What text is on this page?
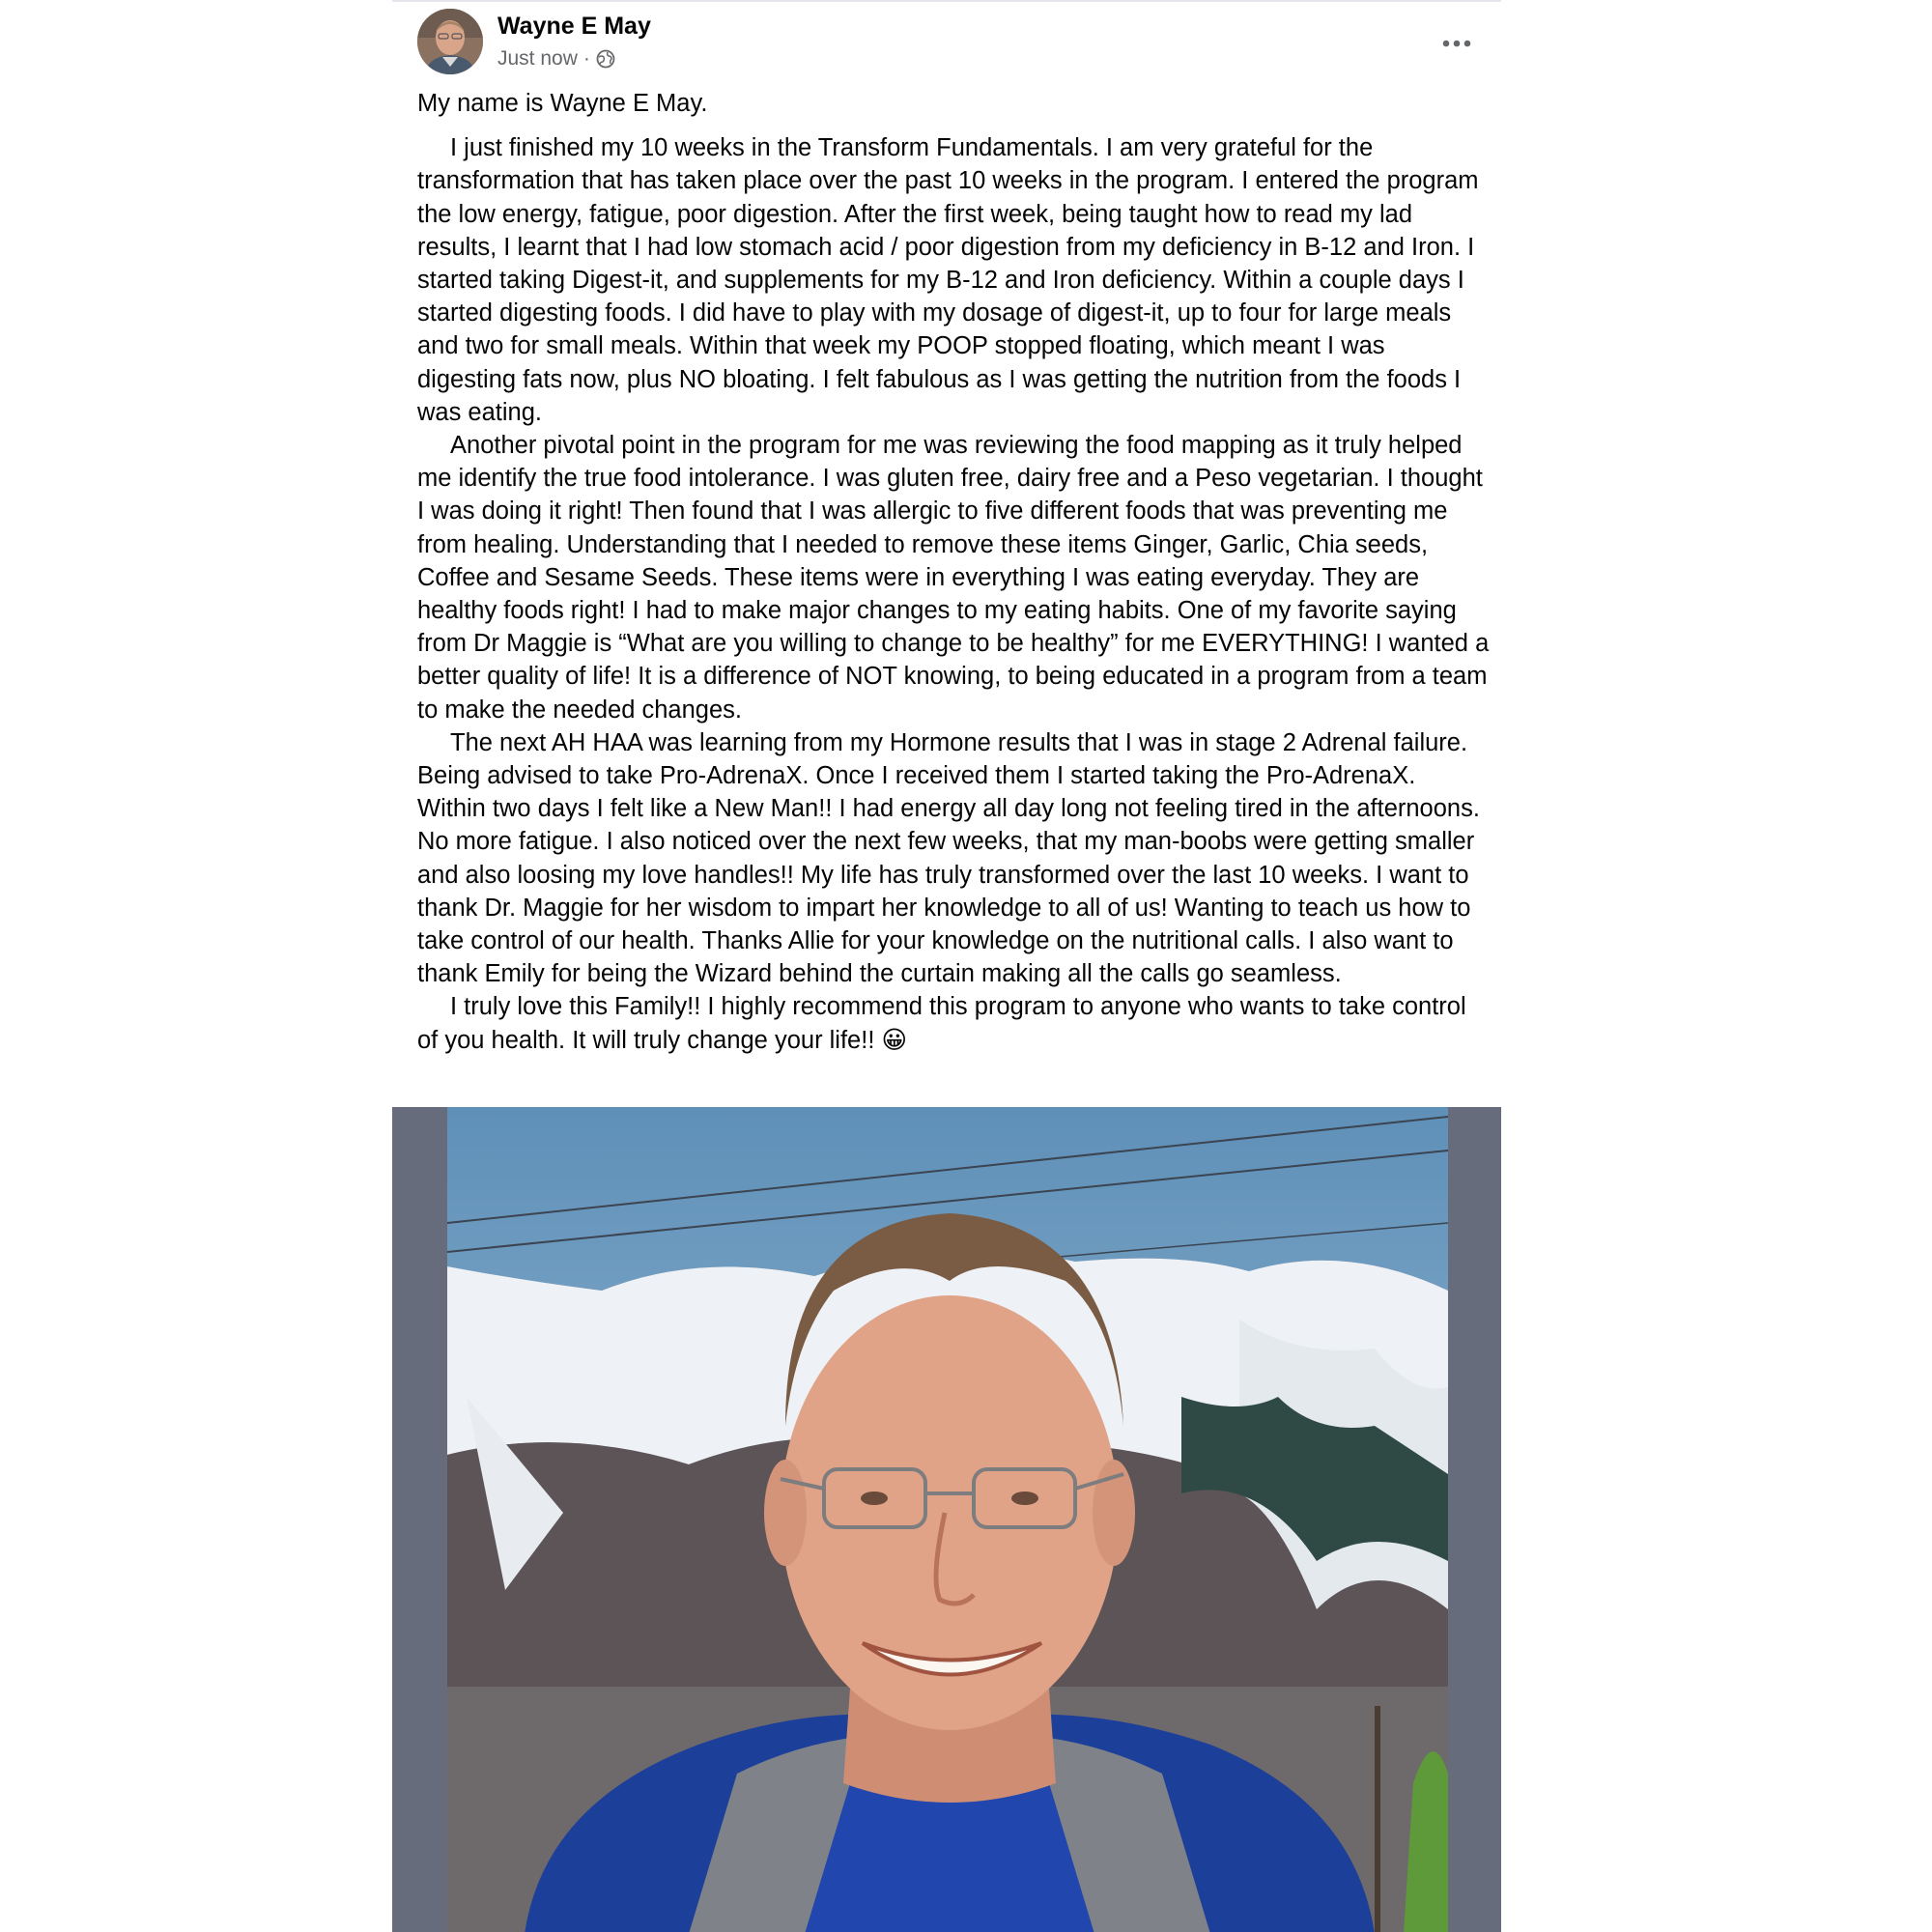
Wayne E May
Just now ·

My name is Wayne E May.

I just finished my 10 weeks in the Transform Fundamentals. I am very grateful for the transformation that has taken place over the past 10 weeks in the program. I entered the program the low energy, fatigue, poor digestion. After the first week, being taught how to read my lad results, I learnt that I had low stomach acid / poor digestion from my deficiency in B-12 and Iron. I started taking Digest-it, and supplements for my B-12 and Iron deficiency. Within a couple days I started digesting foods. I did have to play with my dosage of digest-it, up to four for large meals and two for small meals. Within that week my POOP stopped floating, which meant I was digesting fats now, plus NO bloating. I felt fabulous as I was getting the nutrition from the foods I was eating.

Another pivotal point in the program for me was reviewing the food mapping as it truly helped me identify the true food intolerance. I was gluten free, dairy free and a Peso vegetarian. I thought I was doing it right! Then found that I was allergic to five different foods that was preventing me from healing. Understanding that I needed to remove these items Ginger, Garlic, Chia seeds, Coffee and Sesame Seeds. These items were in everything I was eating everyday. They are healthy foods right! I had to make major changes to my eating habits. One of my favorite saying from Dr Maggie is “What are you willing to change to be healthy” for me EVERYTHING! I wanted a better quality of life! It is a difference of NOT knowing, to being educated in a program from a team to make the needed changes.

The next AH HAA was learning from my Hormone results that I was in stage 2 Adrenal failure. Being advised to take Pro-AdrenaX. Once I received them I started taking the Pro-AdrenaX. Within two days I felt like a New Man!! I had energy all day long not feeling tired in the afternoons. No more fatigue. I also noticed over the next few weeks, that my man-boobs were getting smaller and also loosing my love handles!! My life has truly transformed over the last 10 weeks. I want to thank Dr. Maggie for her wisdom to impart her knowledge to all of us! Wanting to teach us how to take control of our health. Thanks Allie for your knowledge on the nutritional calls. I also want to thank Emily for being the Wizard behind the curtain making all the calls go seamless.

I truly love this Family!! I highly recommend this program to anyone who wants to take control of you health. It will truly change your life!! 😀
